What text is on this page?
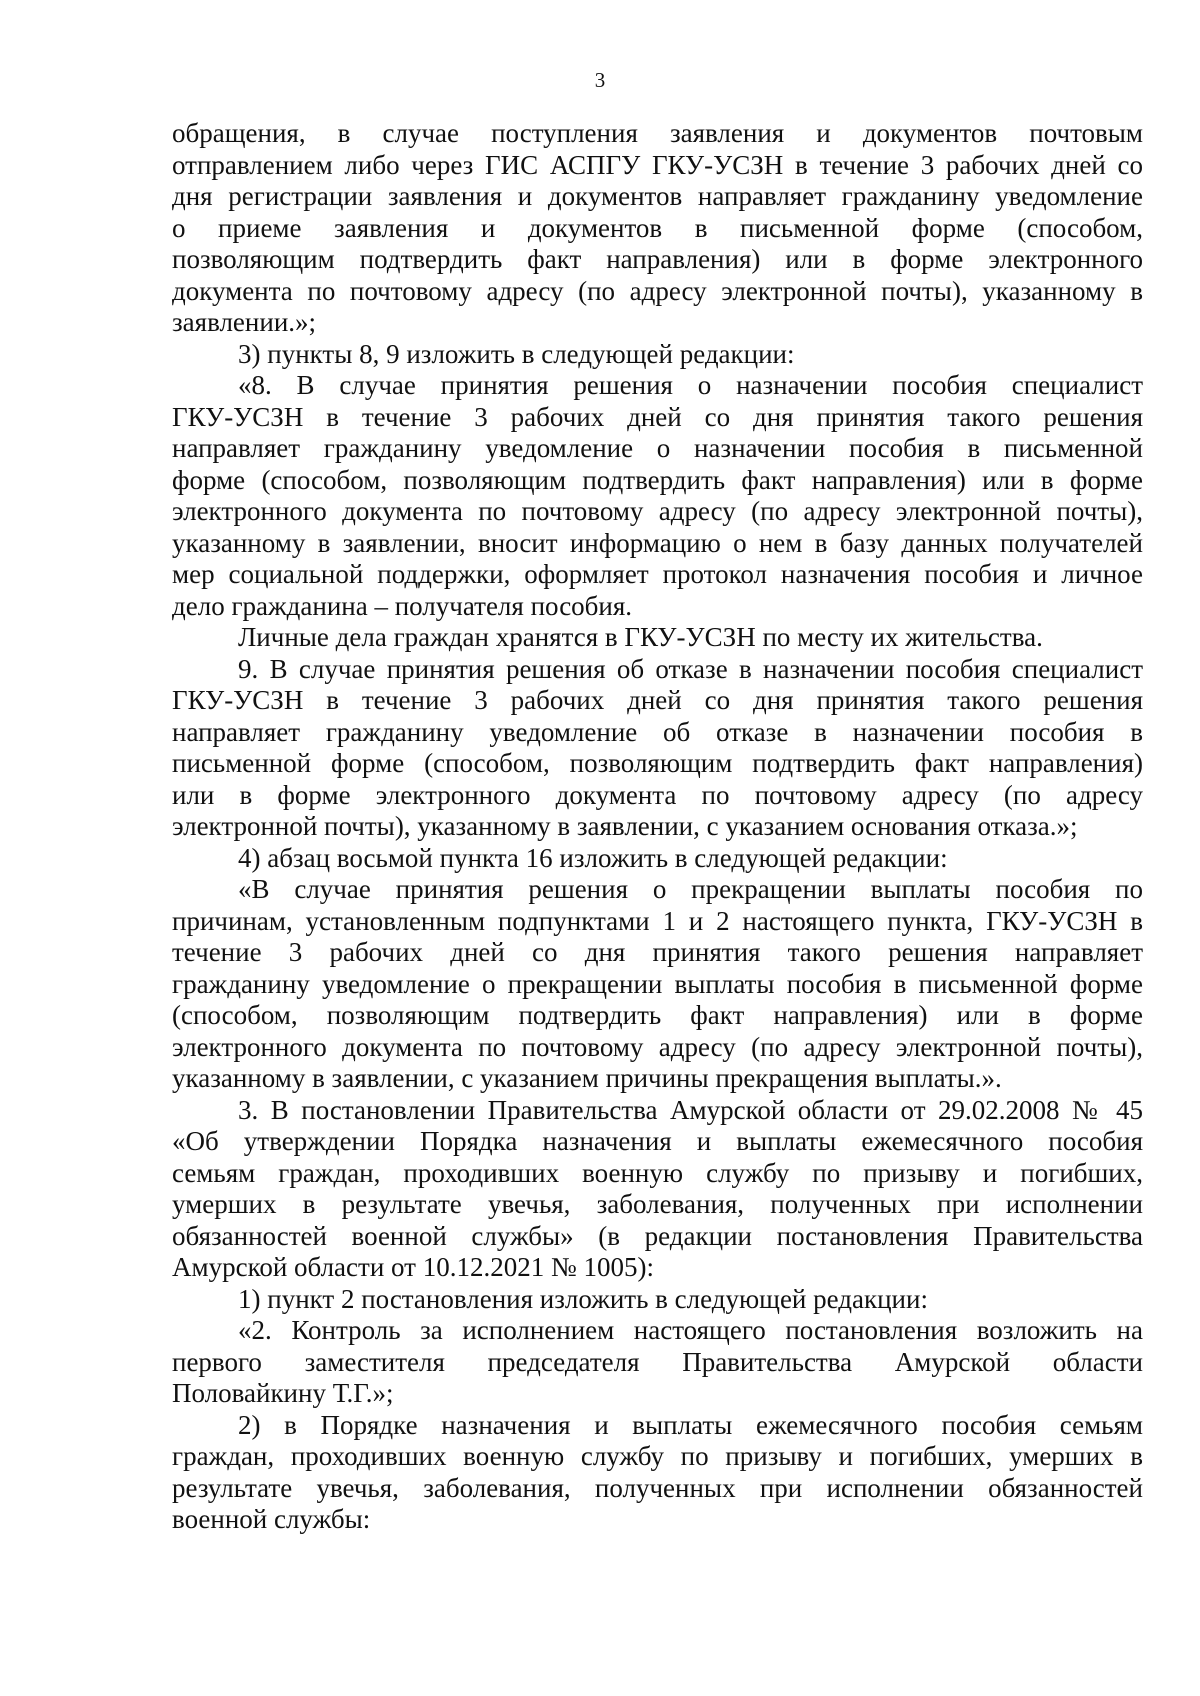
3
обращения, в случае поступления заявления и документов почтовым
отправлением либо через ГИС АСПГУ ГКУ-УСЗН в течение 3 рабочих дней со
дня регистрации заявления и документов направляет гражданину уведомление
о приеме заявления и документов в письменной форме (способом,
позволяющим подтвердить факт направления) или в форме электронного
документа по почтовому адресу (по адресу электронной почты), указанному в
заявлении.»;
3) пункты 8, 9 изложить в следующей редакции:
«8. В случае принятия решения о назначении пособия специалист
ГКУ-УСЗН в течение 3 рабочих дней со дня принятия такого решения
направляет гражданину уведомление о назначении пособия в письменной
форме (способом, позволяющим подтвердить факт направления) или в форме
электронного документа по почтовому адресу (по адресу электронной почты),
указанному в заявлении, вносит информацию о нем в базу данных получателей
мер социальной поддержки, оформляет протокол назначения пособия и личное
дело гражданина – получателя пособия.
Личные дела граждан хранятся в ГКУ-УСЗН по месту их жительства.
9. В случае принятия решения об отказе в назначении пособия специалист
ГКУ-УСЗН в течение 3 рабочих дней со дня принятия такого решения
направляет гражданину уведомление об отказе в назначении пособия в
письменной форме (способом, позволяющим подтвердить факт направления)
или в форме электронного документа по почтовому адресу (по адресу
электронной почты), указанному в заявлении, с указанием основания отказа.»;
4) абзац восьмой пункта 16 изложить в следующей редакции:
«В случае принятия решения о прекращении выплаты пособия по
причинам, установленным подпунктами 1 и 2 настоящего пункта, ГКУ-УСЗН в
течение 3 рабочих дней со дня принятия такого решения направляет
гражданину уведомление о прекращении выплаты пособия в письменной форме
(способом, позволяющим подтвердить факт направления) или в форме
электронного документа по почтовому адресу (по адресу электронной почты),
указанному в заявлении, с указанием причины прекращения выплаты.».
3. В постановлении Правительства Амурской области от 29.02.2008 № 45
«Об утверждении Порядка назначения и выплаты ежемесячного пособия
семьям граждан, проходивших военную службу по призыву и погибших,
умерших в результате увечья, заболевания, полученных при исполнении
обязанностей военной службы» (в редакции постановления Правительства
Амурской области от 10.12.2021 № 1005):
1) пункт 2 постановления изложить в следующей редакции:
«2. Контроль за исполнением настоящего постановления возложить на
первого заместителя председателя Правительства Амурской области
Половайкину Т.Г.»;
2) в Порядке назначения и выплаты ежемесячного пособия семьям
граждан, проходивших военную службу по призыву и погибших, умерших в
результате увечья, заболевания, полученных при исполнении обязанностей
военной службы:
